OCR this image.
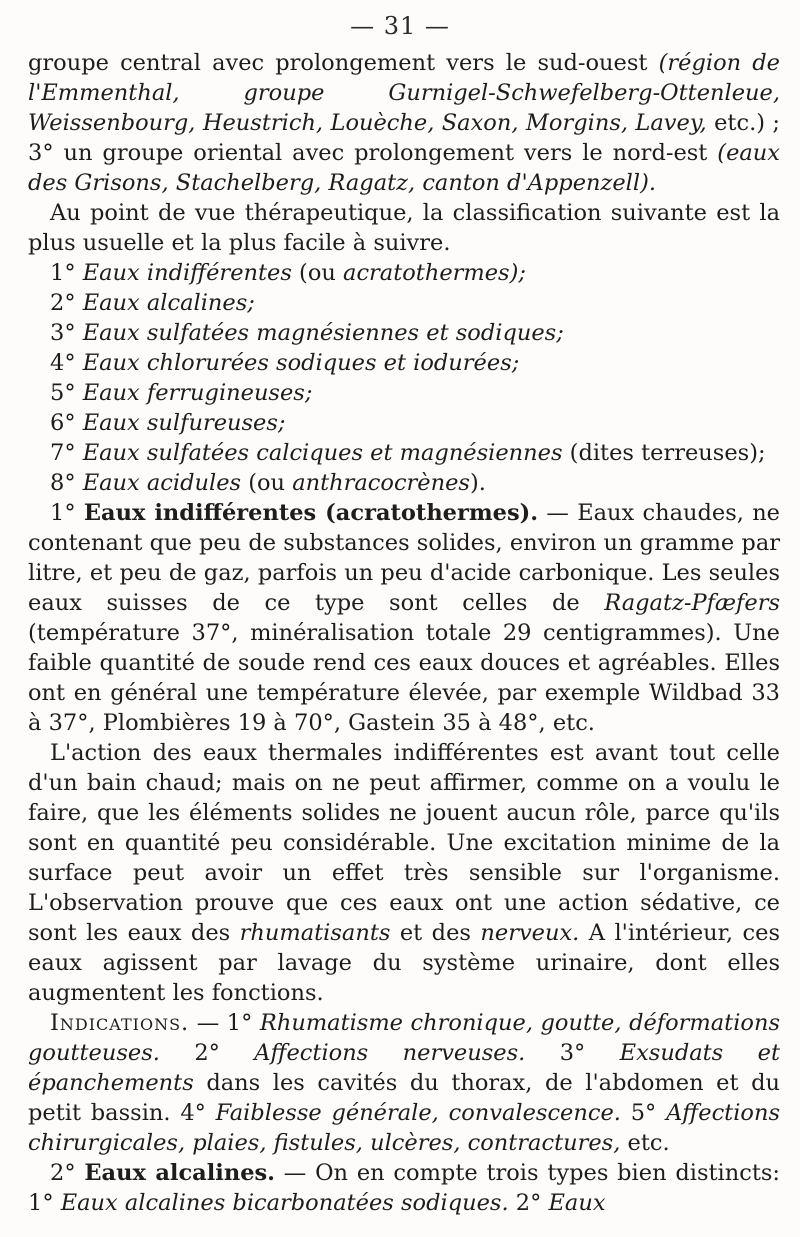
— 31 —

groupe central avec prolongement vers le sud-ouest (région de l'Emmenthal, groupe Gurnigel-Schwefelberg-Ottenleue, Weissenbourg, Heustrich, Louèche, Saxon, Morgins, Lavey, etc.) ; 3° un groupe oriental avec prolongement vers le nord-est (eaux des Grisons, Stachelberg, Ragatz, canton d'Appenzell).

Au point de vue thérapeutique, la classification suivante est la plus usuelle et la plus facile à suivre.

1° Eaux indifférentes (ou acratothermes);

2° Eaux alcalines;

3° Eaux sulfatées magnésiennes et sodiques;

4° Eaux chlorurées sodiques et iodurées;

5° Eaux ferrugineuses;

6° Eaux sulfureuses;

7° Eaux sulfatées calciques et magnésiennes (dites terreuses);

8° Eaux acidules (ou anthracocrènes).

1° Eaux indifférentes (acratothermes). — Eaux chaudes, ne contenant que peu de substances solides, environ un gramme par litre, et peu de gaz, parfois un peu d'acide carbonique. Les seules eaux suisses de ce type sont celles de Ragatz-Pfæfers (température 37°, minéralisation totale 29 centigrammes). Une faible quantité de soude rend ces eaux douces et agréables. Elles ont en général une température élevée, par exemple Wildbad 33 à 37°, Plombières 19 à 70°, Gastein 35 à 48°, etc.

L'action des eaux thermales indifférentes est avant tout celle d'un bain chaud; mais on ne peut affirmer, comme on a voulu le faire, que les éléments solides ne jouent aucun rôle, parce qu'ils sont en quantité peu considérable. Une excitation minime de la surface peut avoir un effet très sensible sur l'organisme. L'observation prouve que ces eaux ont une action sédative, ce sont les eaux des rhumatisants et des nerveux. A l'intérieur, ces eaux agissent par lavage du système urinaire, dont elles augmentent les fonctions.

Indications. — 1° Rhumatisme chronique, goutte, déformations goutteuses. 2° Affections nerveuses. 3° Exsudats et épanchements dans les cavités du thorax, de l'abdomen et du petit bassin. 4° Faiblesse générale, convalescence. 5° Affections chirurgicales, plaies, fistules, ulcères, contractures, etc.

2° Eaux alcalines. — On en compte trois types bien distincts: 1° Eaux alcalines bicarbonatées sodiques. 2° Eaux
